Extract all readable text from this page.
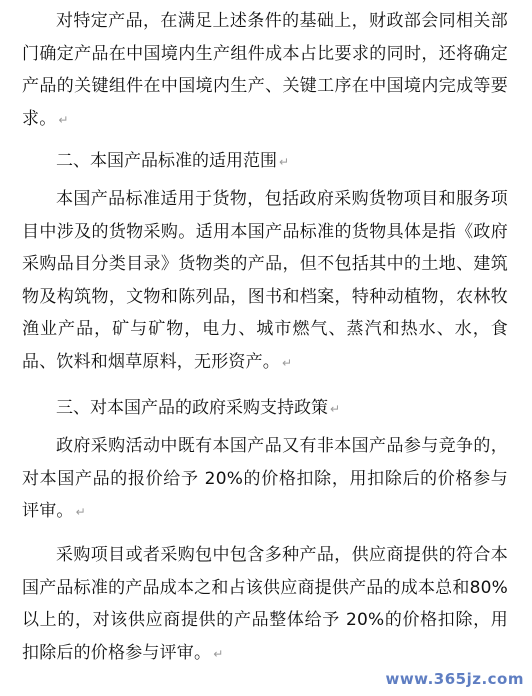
对特定产品，在满足上述条件的基础上，财政部会同相关部门确定产品在中国境内生产组件成本占比要求的同时，还将确定产品的关键组件在中国境内生产、关键工序在中国境内完成等要求。 ↵

二、本国产品标准的适用范围 ↵

本国产品标准适用于货物，包括政府采购货物项目和服务项目中涉及的货物采购。适用本国产品标准的货物具体是指《政府采购品目分类目录》货物类的产品，但不包括其中的土地、建筑物及构筑物，文物和陈列品，图书和档案，特种动植物，农林牧渔业产品，矿与矿物，电力、城市燃气、蒸汽和热水、水，食品、饮料和烟草原料，无形资产。 ↵

三、对本国产品的政府采购支持政策 ↵

政府采购活动中既有本国产品又有非本国产品参与竞争的，对本国产品的报价给予 20%的价格扣除，用扣除后的价格参与评审。 ↵

采购项目或者采购包中包含多种产品，供应商提供的符合本国产品标准的产品成本之和占该供应商提供产品的成本总和80%以上的，对该供应商提供的产品整体给予 20%的价格扣除，用扣除后的价格参与评审。 ↵

www.365jz.com
